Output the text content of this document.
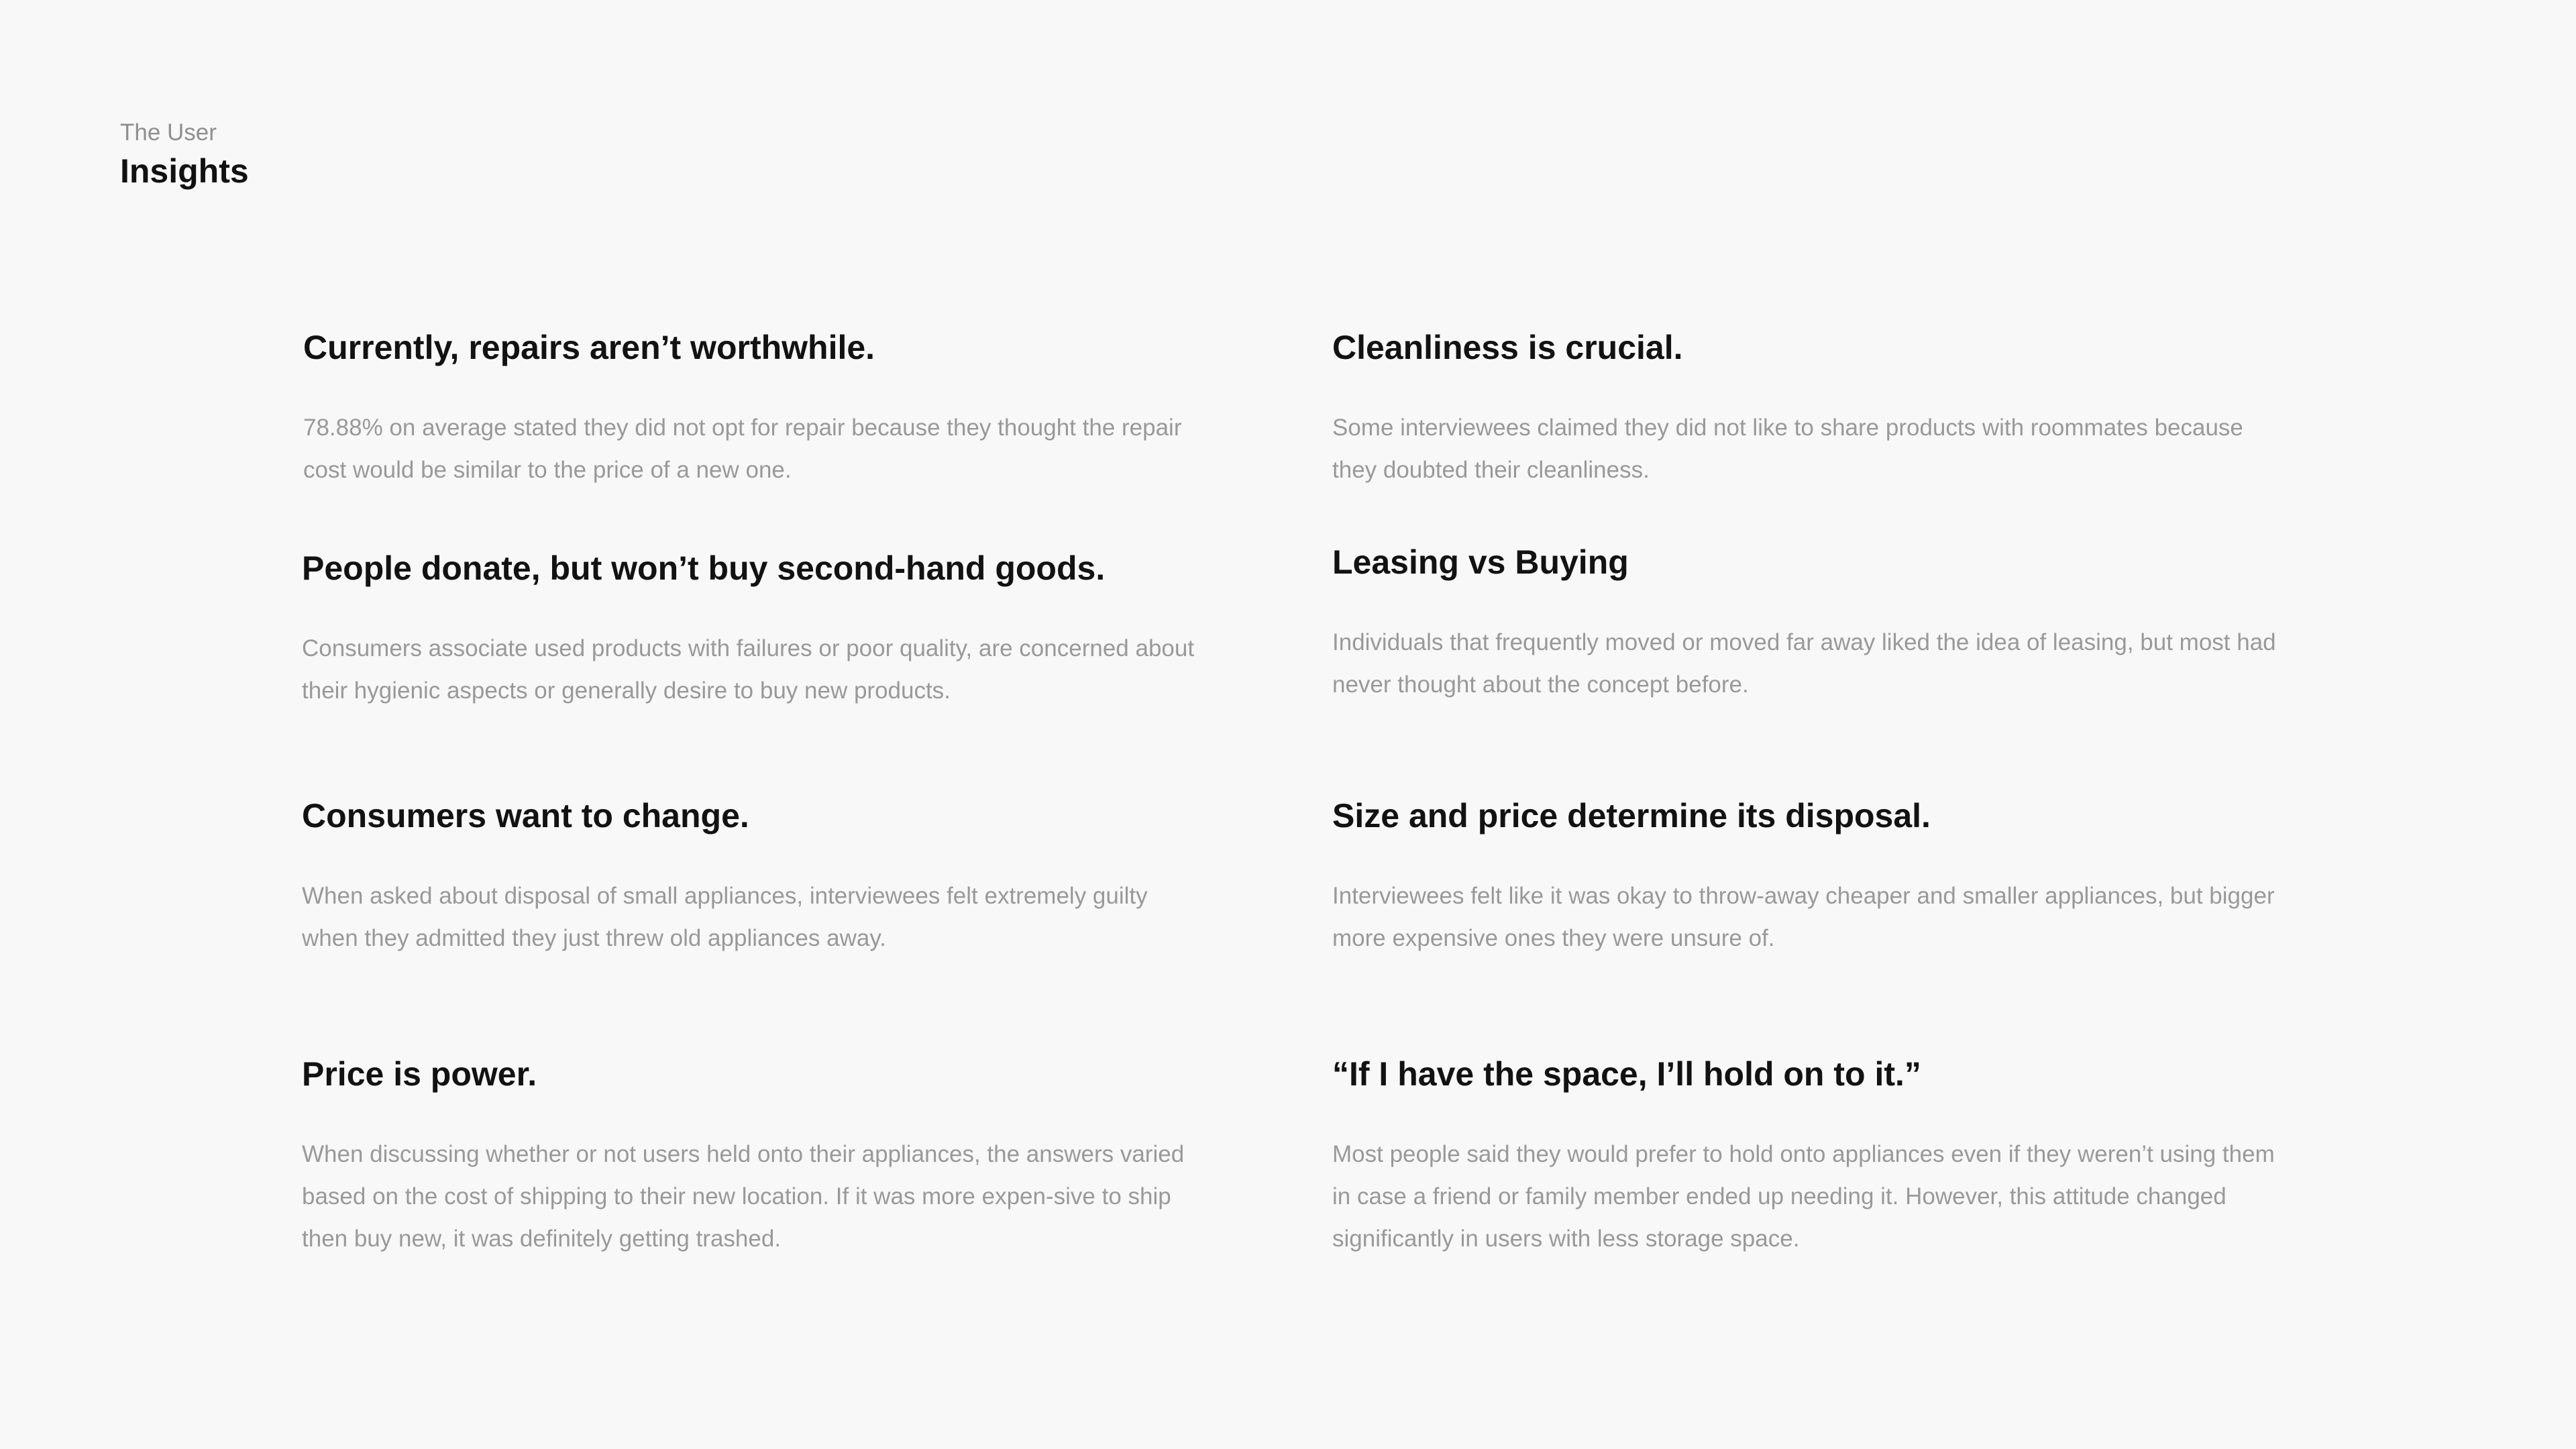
The User
Insights
Currently, repairs aren’t worthwhile.

78.88% on average stated they did not opt for repair because they thought the repair cost would be similar to the price of a new one.

People donate, but won’t buy second-hand goods.

Consumers associate used products with failures or poor quality, are concerned about their hygienic aspects or generally desire to buy new products.

Consumers want to change.

When asked about disposal of small appliances, interviewees felt extremely guilty when they admitted they just threw old appliances away.

Price is power.

When discussing whether or not users held onto their appliances, the answers varied based on the cost of shipping to their new location. If it was more expen-sive to ship then buy new, it was definitely getting trashed.

Cleanliness is crucial.

Some interviewees claimed they did not like to share products with roommates because they doubted their cleanliness.

Leasing vs Buying

Individuals that frequently moved or moved far away liked the idea of leasing, but most had never thought about the concept before.

Size and price determine its disposal.

Interviewees felt like it was okay to throw-away cheaper and smaller appliances, but bigger more expensive ones they were unsure of.

“If I have the space, I’ll hold on to it.”

Most people said they would prefer to hold onto appliances even if they weren’t using them in case a friend or family member ended up needing it. However, this attitude changed significantly in users with less storage space.
